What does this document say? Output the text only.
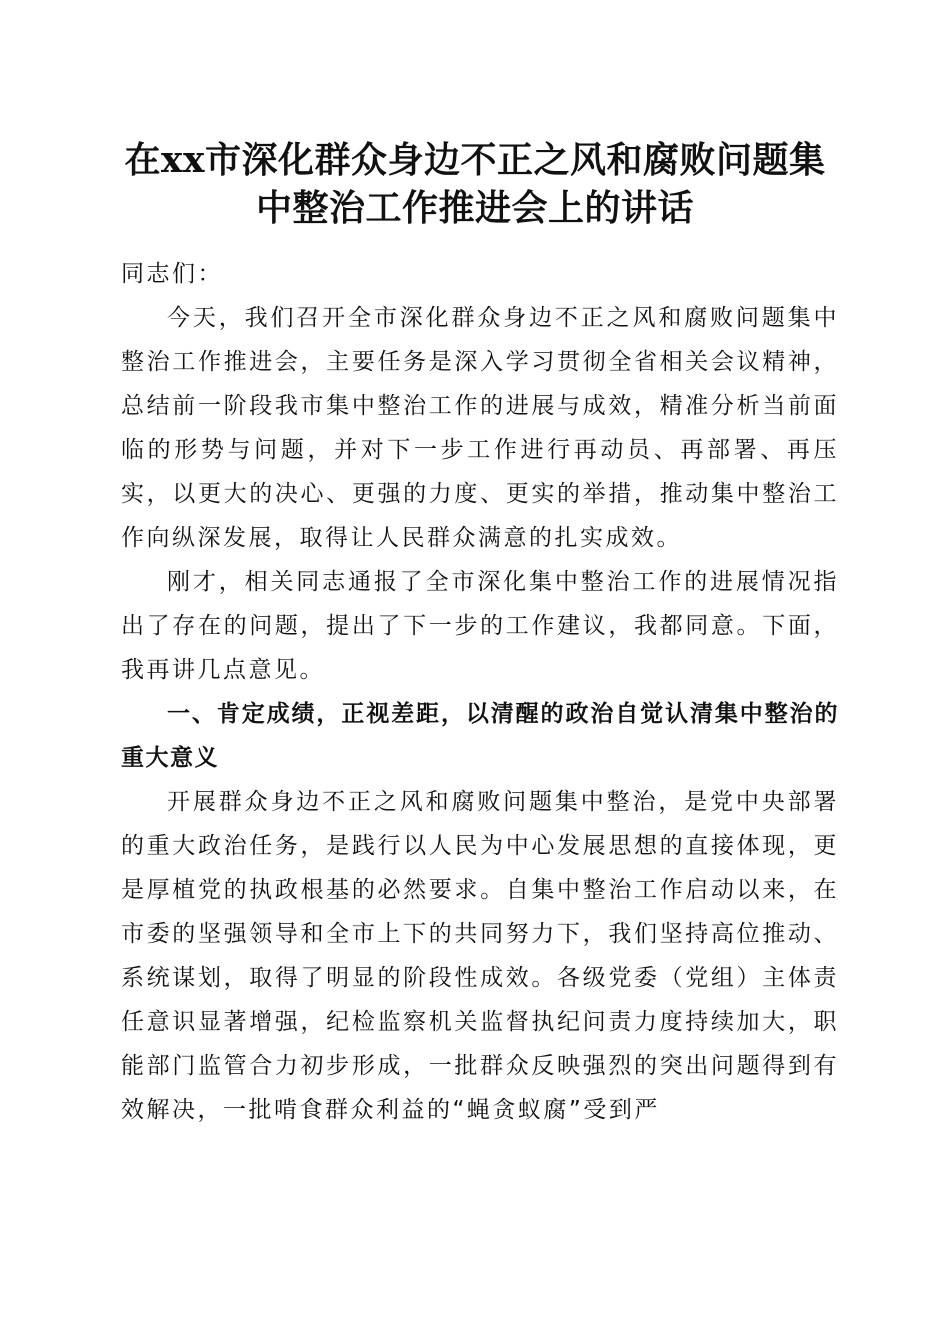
在xx市深化群众身边不正之风和腐败问题集
中整治工作推进会上的讲话

同志们：

今天，我们召开全市深化群众身边不正之风和腐败问题集中整治工作推进会，主要任务是深入学习贯彻全省相关会议精神，总结前一阶段我市集中整治工作的进展与成效，精准分析当前面临的形势与问题，并对下一步工作进行再动员、再部署、再压实，以更大的决心、更强的力度、更实的举措，推动集中整治工作向纵深发展，取得让人民群众满意的扎实成效。

刚才，相关同志通报了全市深化集中整治工作的进展情况指出了存在的问题，提出了下一步的工作建议，我都同意。下面，我再讲几点意见。

一、肯定成绩，正视差距，以清醒的政治自觉认清集中整治的重大意义

开展群众身边不正之风和腐败问题集中整治，是党中央部署的重大政治任务，是践行以人民为中心发展思想的直接体现，更是厚植党的执政根基的必然要求。自集中整治工作启动以来，在市委的坚强领导和全市上下的共同努力下，我们坚持高位推动、系统谋划，取得了明显的阶段性成效。各级党委（党组）主体责任意识显著增强，纪检监察机关监督执纪问责力度持续加大，职能部门监管合力初步形成，一批群众反映强烈的突出问题得到有效解决，一批啃食群众利益的“蝇贪蚁腐”受到严
